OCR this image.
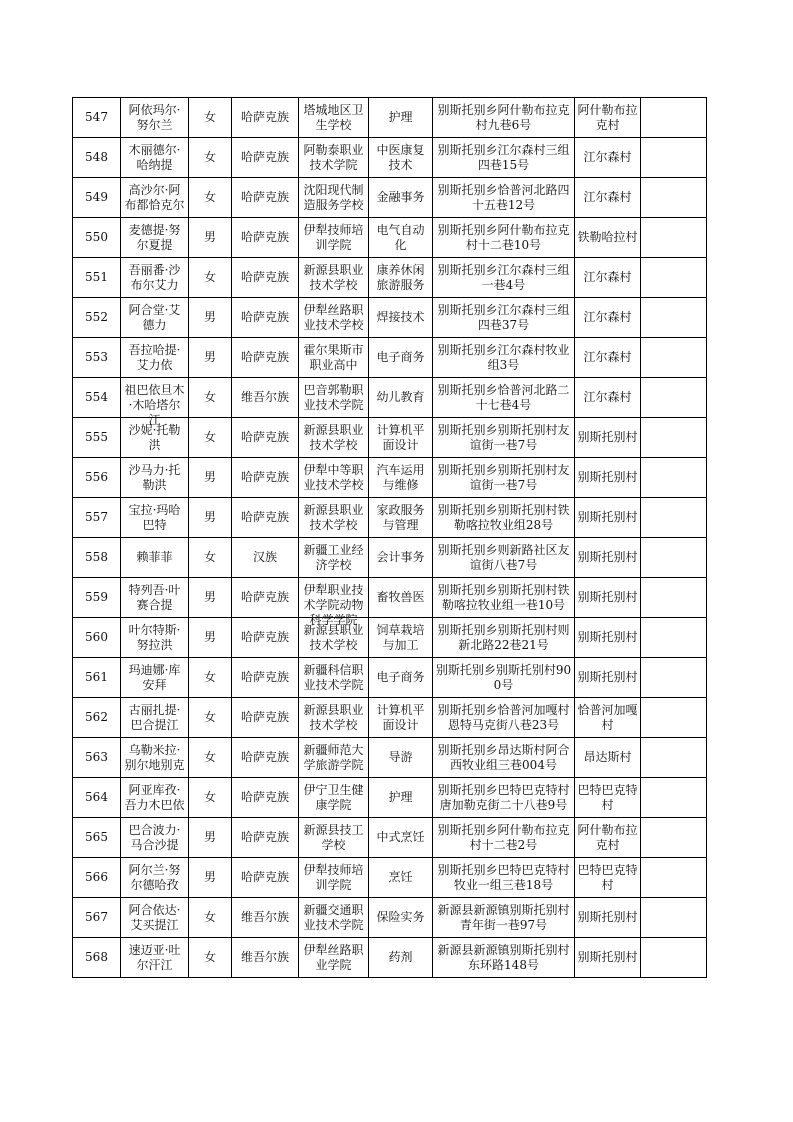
547	阿依玛尔·努尔兰	女	哈萨克族	塔城地区卫生学校	护理	别斯托别乡阿什勒布拉克村九巷6号	阿什勒布拉克村	

548	木丽德尔·哈纳提	女	哈萨克族	阿勒泰职业技术学院	中医康复技术	别斯托别乡江尔森村三组四巷15号	江尔森村	

549	高沙尔·阿布都恰克尔	女	哈萨克族	沈阳现代制造服务学校	金融事务	别斯托别乡恰普河北路四十五巷12号	江尔森村	

550	麦德提·努尔夏提	男	哈萨克族	伊犁技师培训学院	电气自动化	别斯托别乡阿什勒布拉克村十二巷10号	铁勒哈拉村	

551	吾丽番·沙布尔艾力	女	哈萨克族	新源县职业技术学校	康养休闲旅游服务	别斯托别乡江尔森村三组一巷4号	江尔森村	

552	阿合堂·艾德力	男	哈萨克族	伊犁丝路职业技术学校	焊接技术	别斯托别乡江尔森村三组四巷37号	江尔森村	

553	吾拉哈提·艾力依	男	哈萨克族	霍尔果斯市职业高中	电子商务	别斯托别乡江尔森村牧业组3号	江尔森村	

554	祖巴依旦木·木哈塔尔江	女	维吾尔族	巴音郭勒职业技术学院	幼儿教育	别斯托别乡恰普河北路二十七巷4号	江尔森村	

555	沙妮·托勒洪	女	哈萨克族	新源县职业技术学校	计算机平面设计	别斯托别乡别斯托别村友谊街一巷7号	别斯托别村	

556	沙马力·托勒洪	男	哈萨克族	伊犁中等职业技术学校	汽车运用与维修	别斯托别乡别斯托别村友谊街一巷7号	别斯托别村	

557	宝拉·玛哈巴特	男	哈萨克族	新源县职业技术学校	家政服务与管理	别斯托别乡别斯托别村铁勒喀拉牧业组28号	别斯托别村	

558	赖菲菲	女	汉族	新疆工业经济学校	会计事务	别斯托别乡则新路社区友谊街八巷7号	别斯托别村	

559	特列吾·叶赛合提	男	哈萨克族	伊犁职业技术学院动物科学学院	畜牧兽医	别斯托别乡别斯托别村铁勒喀拉牧业组一巷10号	别斯托别村	

560	叶尔特斯·努拉洪	男	哈萨克族	新源县职业技术学校	饲草栽培与加工	别斯托别乡别斯托别村则新北路22巷21号	别斯托别村	

561	玛迪娜·库安拜	女	哈萨克族	新疆科信职业技术学院	电子商务	别斯托别乡别斯托别村900号	别斯托别村	

562	古丽扎提·巴合提江	女	哈萨克族	新源县职业技术学校	计算机平面设计	别斯托别乡恰普河加嘎村恩特马克街八巷23号	恰普河加嘎村	

563	乌勒米拉·别尔地别克	女	哈萨克族	新疆师范大学旅游学院	导游	别斯托别乡昂达斯村阿合西牧业组三巷004号	昂达斯村	

564	阿亚库孜·吾力木巴依	女	哈萨克族	伊宁卫生健康学院	护理	别斯托别乡巴特巴克特村唐加勒克街二十八巷9号	巴特巴克特村	

565	巴合波力·马合沙提	男	哈萨克族	新源县技工学校	中式烹饪	别斯托别乡阿什勒布拉克村十二巷2号	阿什勒布拉克村	

566	阿尔兰·努尔德哈孜	男	哈萨克族	伊犁技师培训学院	烹饪	别斯托别乡巴特巴克特村牧业一组三巷18号	巴特巴克特村	

567	阿合依达·艾买提江	女	维吾尔族	新疆交通职业技术学院	保险实务	新源县新源镇别斯托别村青年街一巷97号	别斯托别村	

568	速迈亚·吐尔汗江	女	维吾尔族	伊犁丝路职业学院	药剂	新源县新源镇别斯托别村东环路148号	别斯托别村	
